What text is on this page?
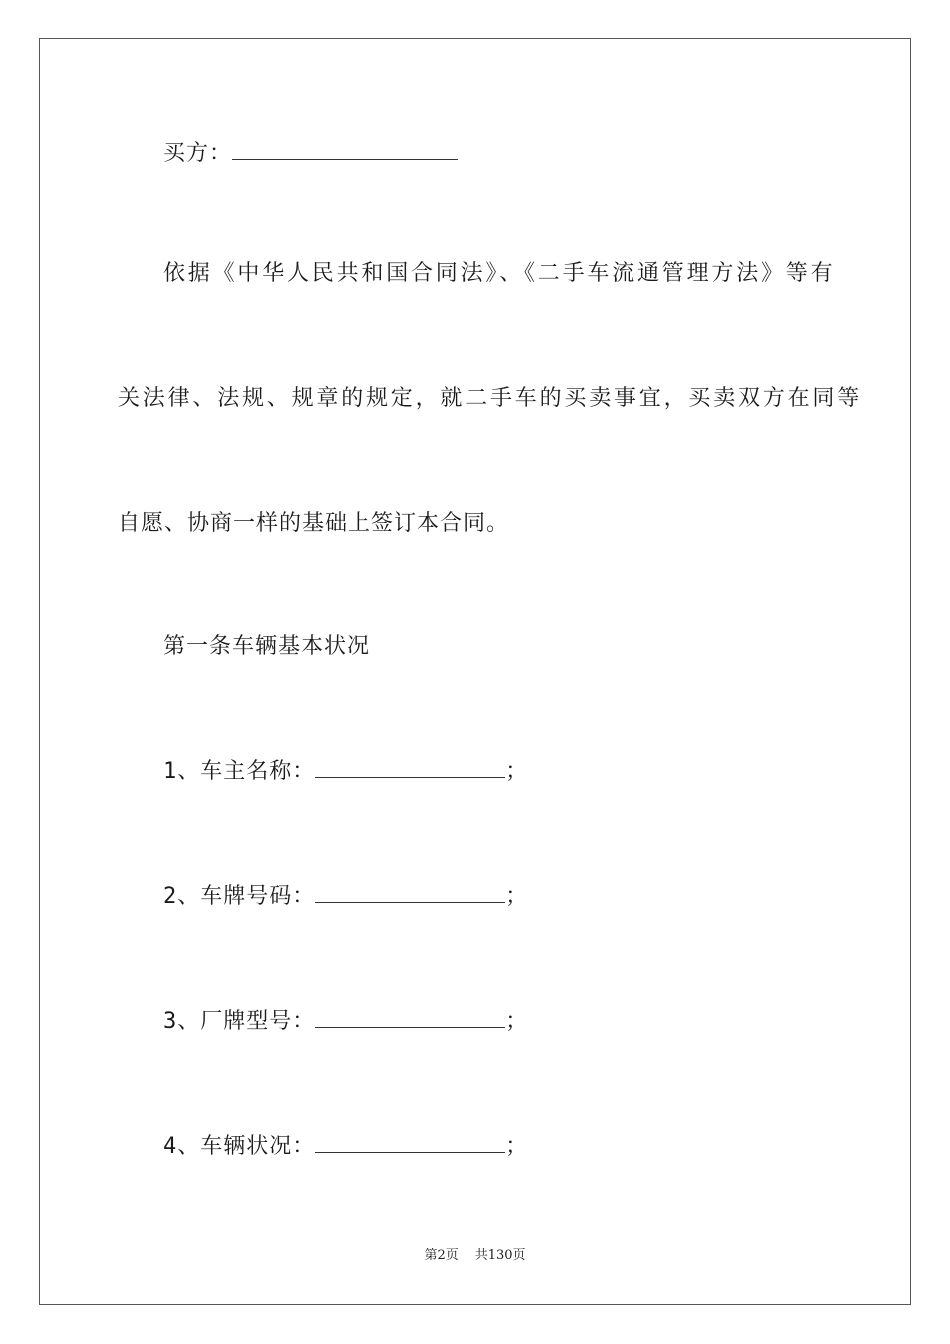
买方：
依据《中华人民共和国合同法》、《二手车流通管理方法》等有
关法律、法规、规章的规定，就二手车的买卖事宜，买卖双方在同等
自愿、协商一样的基础上签订本合同。
第一条车辆基本状况
1、车主名称：	；
2、车牌号码：	；
3、厂牌型号：	；
4、车辆状况：	；
第2页 共130页
